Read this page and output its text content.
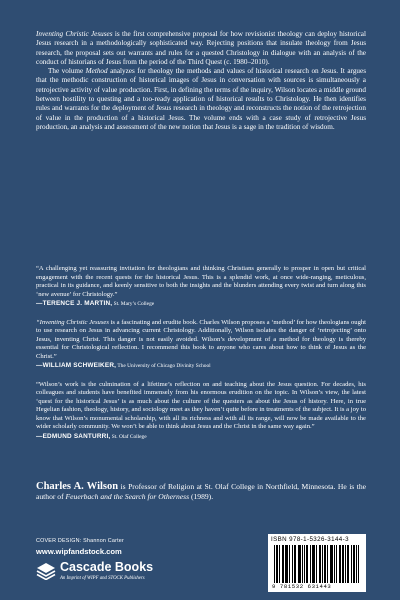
Inventing Christic Jesuses is the first comprehensive proposal for how revisionist theology can deploy historical Jesus research in a methodologically sophisticated way. Rejecting positions that insulate theology from Jesus research, the proposal sets out warrants and rules for a quested Christology in dialogue with an analysis of the conduct of historians of Jesus from the period of the Third Quest (c. 1980–2010).

The volume Method analyzes for theology the methods and values of historical research on Jesus. It argues that the methodic construction of historical images of Jesus in conversation with sources is simultaneously a retrojective activity of value production. First, in defining the terms of the inquiry, Wilson locates a middle ground between hostility to questing and a too-ready application of historical results to Christology. He then identifies rules and warrants for the deployment of Jesus research in theology and reconstructs the notion of the retrojection of value in the production of a historical Jesus. The volume ends with a case study of retrojective Jesus production, an analysis and assessment of the new notion that Jesus is a sage in the tradition of wisdom.

“A challenging yet reassuring invitation for theologians and thinking Christians generally to prosper in open but critical engagement with the recent quests for the historical Jesus. This is a splendid work, at once wide-ranging, meticulous, practical in its guidance, and keenly sensitive to both the insights and the blunders attending every twist and turn along this ‘new avenue’ for Christology.”

—TERENCE J. MARTIN, St. Mary’s College

“Inventing Christic Jesuses is a fascinating and erudite book. Charles Wilson proposes a ‘method’ for how theologians ought to use research on Jesus in advancing current Christology. Additionally, Wilson isolates the danger of ‘retrojecting’ onto Jesus, inventing Christ. This danger is not easily avoided. Wilson’s development of a method for theology is thereby essential for Christological reflection. I recommend this book to anyone who cares about how to think of Jesus as the Christ.”

—WILLIAM SCHWEIKER, The University of Chicago Divinity School

“Wilson’s work is the culmination of a lifetime’s reflection on and teaching about the Jesus question. For decades, his colleagues and students have benefited immensely from his enormous erudition on the topic. In Wilson’s view, the latest ‘quest for the historical Jesus’ is as much about the culture of the questers as about the Jesus of history. Here, in true Hegelian fashion, theology, history, and sociology meet as they haven’t quite before in treatments of the subject. It is a joy to know that Wilson’s monumental scholarship, with all its richness and with all its range, will now be made available to the wider scholarly community. We won’t be able to think about Jesus and the Christ in the same way again.”

—EDMUND SANTURRI, St. Olaf College
Charles A. Wilson is Professor of Religion at St. Olaf College in Northfield, Minnesota. He is the author of Feuerbach and the Search for Otherness (1989).
COVER DESIGN: Shannon Carter
www.wipfandstock.com
Cascade Books
An Imprint of WIPF and STOCK Publishers
ISBN 978-1-5326-3144-3
9 781532 631443
